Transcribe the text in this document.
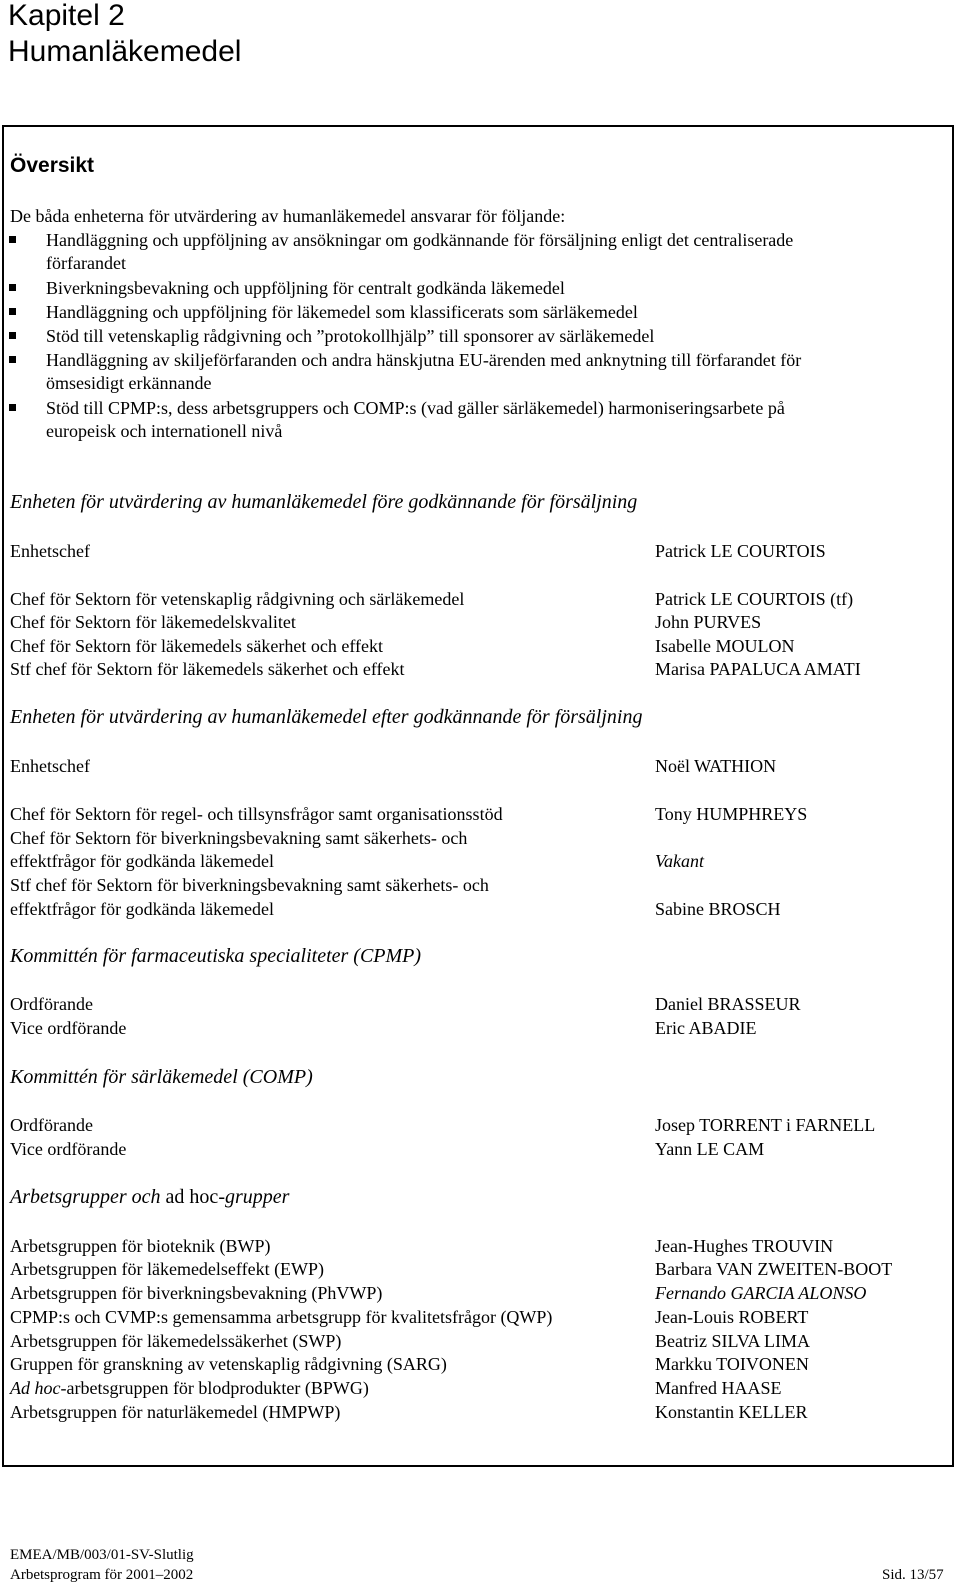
Kapitel 2
Humanläkemedel
Översikt
De båda enheterna för utvärdering av humanläkemedel ansvarar för följande:
Handläggning och uppföljning av ansökningar om godkännande för försäljning enligt det centraliserade
förfarandet
Biverkningsbevakning och uppföljning för centralt godkända läkemedel
Handläggning och uppföljning för läkemedel som klassificerats som särläkemedel
Stöd till vetenskaplig rådgivning och ”protokollhjälp” till sponsorer av särläkemedel
Handläggning av skiljeförfaranden och andra hänskjutna EU-ärenden med anknytning till förfarandet för
ömsesidigt erkännande
Stöd till CPMP:s, dess arbetsgruppers och COMP:s (vad gäller särläkemedel) harmoniseringsarbete på
europeisk och internationell nivå
Enheten för utvärdering av humanläkemedel före godkännande för försäljning
Enhetschef	Patrick LE COURTOIS
Chef för Sektorn för vetenskaplig rådgivning och särläkemedel	Patrick LE COURTOIS (tf)
Chef för Sektorn för läkemedelskvalitet	John PURVES
Chef för Sektorn för läkemedels säkerhet och effekt	Isabelle MOULON
Stf chef för Sektorn för läkemedels säkerhet och effekt	Marisa PAPALUCA AMATI
Enheten för utvärdering av humanläkemedel efter godkännande för försäljning
Enhetschef	Noël WATHION
Chef för Sektorn för regel- och tillsynsfrågor samt organisationsstöd	Tony HUMPHREYS
Chef för Sektorn för biverkningsbevakning samt säkerhets- och
effektfrågor för godkända läkemedel	Vakant
Stf chef för Sektorn för biverkningsbevakning samt säkerhets- och
effektfrågor för godkända läkemedel	Sabine BROSCH
Kommittén för farmaceutiska specialiteter (CPMP)
Ordförande	Daniel BRASSEUR
Vice ordförande	Eric ABADIE
Kommittén för särläkemedel (COMP)
Ordförande	Josep TORRENT i FARNELL
Vice ordförande	Yann LE CAM
Arbetsgrupper och ad hoc-grupper
Arbetsgruppen för bioteknik (BWP)	Jean-Hughes TROUVIN
Arbetsgruppen för läkemedelseffekt (EWP)	Barbara VAN ZWEITEN-BOOT
Arbetsgruppen för biverkningsbevakning (PhVWP)	Fernando GARCIA ALONSO
CPMP:s och CVMP:s gemensamma arbetsgrupp för kvalitetsfrågor (QWP)	Jean-Louis ROBERT
Arbetsgruppen för läkemedelssäkerhet (SWP)	Beatriz SILVA LIMA
Gruppen för granskning av vetenskaplig rådgivning (SARG)	Markku TOIVONEN
Ad hoc-arbetsgruppen för blodprodukter (BPWG)	Manfred HAASE
Arbetsgruppen för naturläkemedel (HMPWP)	Konstantin KELLER
EMEA/MB/003/01-SV-Slutlig
Arbetsprogram för 2001–2002	Sid. 13/57
